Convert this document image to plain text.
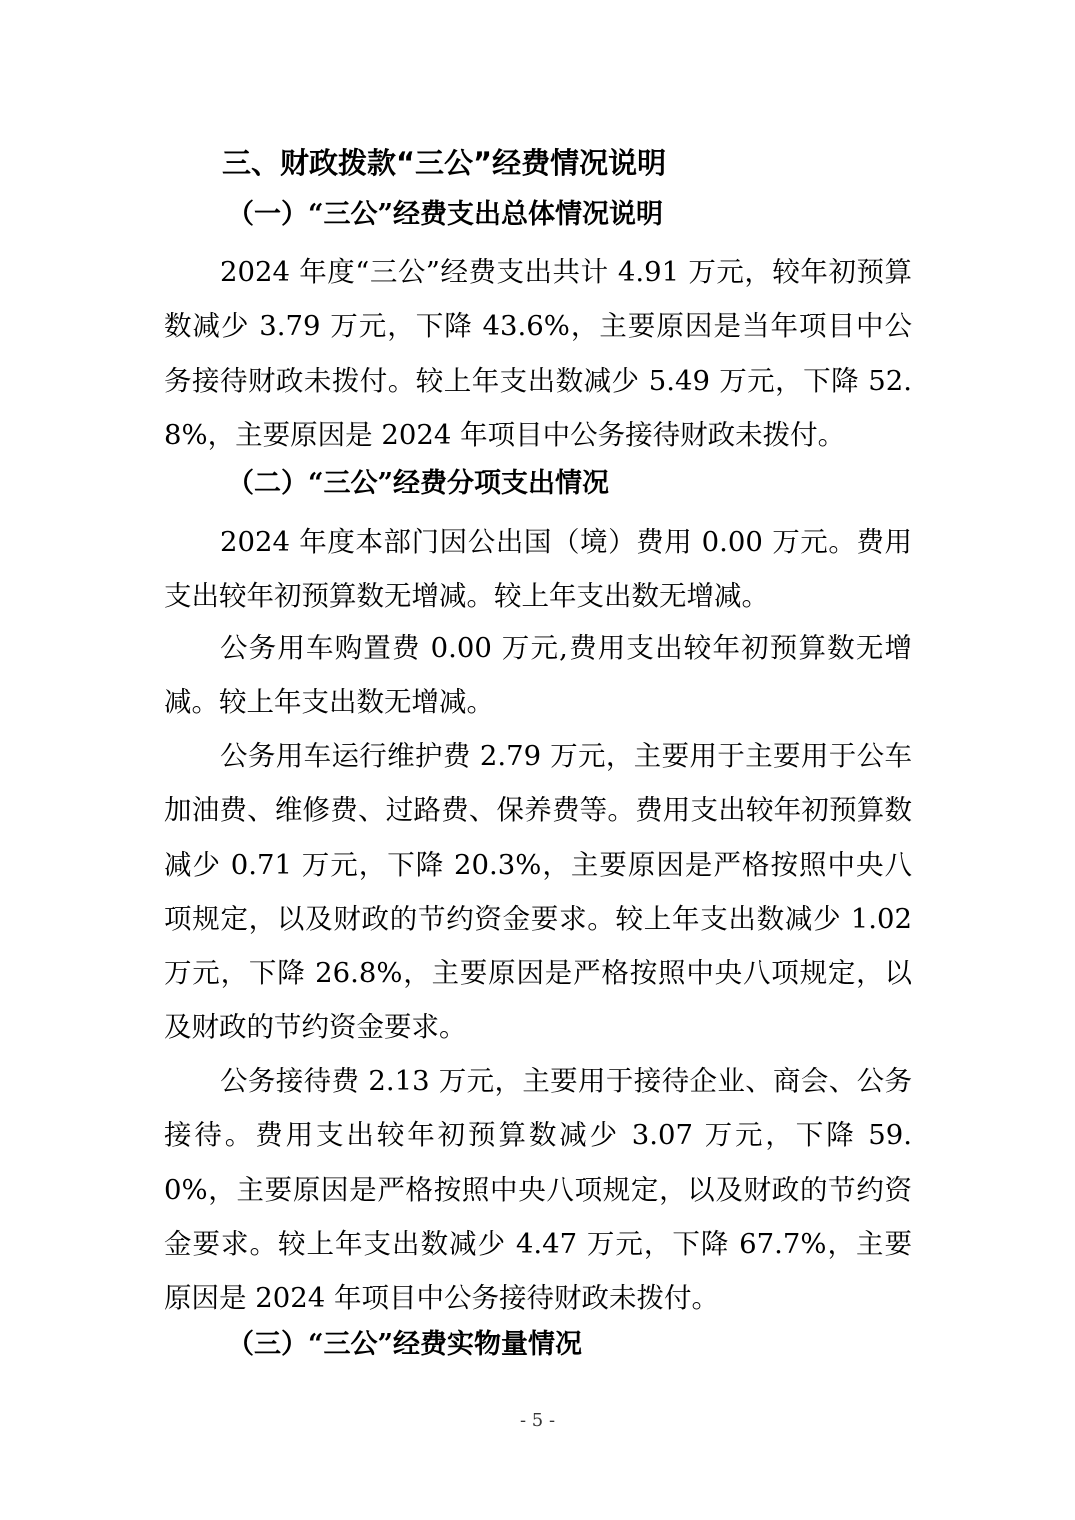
三、财政拨款“三公”经费情况说明
（一）“三公”经费支出总体情况说明
2024 年度“三公”经费支出共计 4.91 万元，较年初预算数减少 3.79 万元，下降 43.6%，主要原因是当年项目中公务接待财政未拨付。较上年支出数减少 5.49 万元，下降 52.8%，主要原因是 2024 年项目中公务接待财政未拨付。
（二）“三公”经费分项支出情况
2024 年度本部门因公出国（境）费用 0.00 万元。费用支出较年初预算数无增减。较上年支出数无增减。
公务用车购置费 0.00 万元,费用支出较年初预算数无增减。较上年支出数无增减。
公务用车运行维护费 2.79 万元，主要用于主要用于公车加油费、维修费、过路费、保养费等。费用支出较年初预算数减少 0.71 万元，下降 20.3%，主要原因是严格按照中央八项规定，以及财政的节约资金要求。较上年支出数减少 1.02 万元，下降 26.8%，主要原因是严格按照中央八项规定，以及财政的节约资金要求。
公务接待费 2.13 万元，主要用于接待企业、商会、公务接待。费用支出较年初预算数减少 3.07 万元，下降 59.0%，主要原因是严格按照中央八项规定，以及财政的节约资金要求。较上年支出数减少 4.47 万元，下降 67.7%，主要原因是 2024 年项目中公务接待财政未拨付。
（三）“三公”经费实物量情况
- 5 -
